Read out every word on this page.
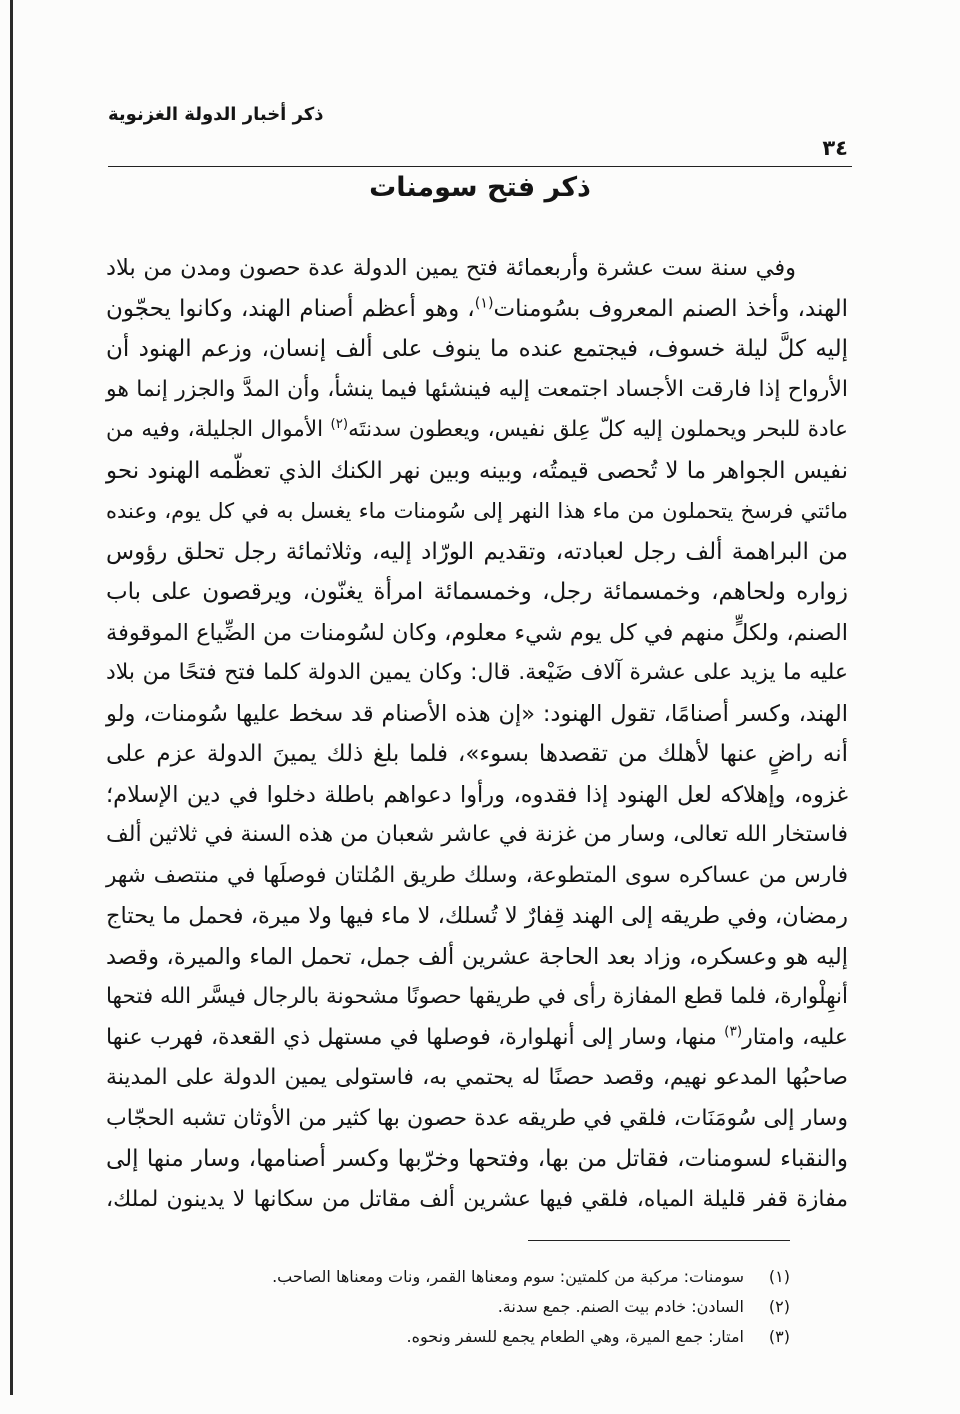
ذكر أخبار الدولة الغزنوية
٣٤
ذكر فتح سومنات
وفي سنة ست عشرة وأربعمائة فتح يمين الدولة عدة حصون ومدن من بلاد
الهند، وأخذ الصنم المعروف بسُومنات$^{(١)}$، وهو أعظم أصنام الهند، وكانوا يحجّون
إليه كلَّ ليلة خسوف، فيجتمع عنده ما ينوف على ألف إنسان، وزعم الهنود أن
الأرواح إذا فارقت الأجساد اجتمعت إليه فينشئها فيما ينشأ، وأن المدَّ والجزر إنما هو
عادة للبحر ويحملون إليه كلّ عِلق نفيس، ويعطون سدنتَه$^{(٢)}$ الأموال الجليلة، وفيه من
نفيس الجواهر ما لا تُحصى قيمتُه، وبينه وبين نهر الكنك الذي تعظّمه الهنود نحو
مائتي فرسخ يتحملون من ماء هذا النهر إلى سُومنات ماء يغسل به في كل يوم، وعنده
من البراهمة ألف رجل لعبادته، وتقديم الورّاد إليه، وثلاثمائة رجل تحلق رؤوس
زواره ولحاهم، وخمسمائة رجل، وخمسمائة امرأة يغنّون، ويرقصون على باب
الصنم، ولكلٍّ منهم في كل يوم شيء معلوم، وكان لسُومنات من الضِّياع الموقوفة
عليه ما يزيد على عشرة آلاف ضَيْعة. قال: وكان يمين الدولة كلما فتح فتحًا من بلاد
الهند، وكسر أصنامًا، تقول الهنود: «إن هذه الأصنام قد سخط عليها سُومنات، ولو
أنه راضٍ عنها لأهلك من تقصدها بسوء»، فلما بلغ ذلك يمينَ الدولة عزم على
غزوه، وإهلاكه لعل الهنود إذا فقدوه، ورأوا دعواهم باطلة دخلوا في دين الإسلام؛
فاستخار الله تعالى، وسار من غزنة في عاشر شعبان من هذه السنة في ثلاثين ألف
فارس من عساكره سوى المتطوعة، وسلك طريق المُلتان فوصلَها في منتصف شهر
رمضان، وفي طريقه إلى الهند قِفارٌ لا تُسلك، لا ماء فيها ولا ميرة، فحمل ما يحتاج
إليه هو وعسكره، وزاد بعد الحاجة عشرين ألف جمل، تحمل الماء والميرة، وقصد
أنهِلْوارة، فلما قطع المفازة رأى في طريقها حصونًا مشحونة بالرجال فيسَّر الله فتحها
عليه، وامتار$^{(٣)}$ منها، وسار إلى أنهلوارة، فوصلها في مستهل ذي القعدة، فهرب عنها
صاحبُها المدعو نهيم، وقصد حصنًا له يحتمي به، فاستولى يمين الدولة على المدينة
وسار إلى سُومَنَات، فلقي في طريقه عدة حصون بها كثير من الأوثان تشبه الحجّاب
والنقباء لسومنات، فقاتل من بها، وفتحها وخرّبها وكسر أصنامها، وسار منها إلى
مفازة قفر قليلة المياه، فلقي فيها عشرين ألف مقاتل من سكانها لا يدينون لملك،
(١)
سومنات: مركبة من كلمتين: سوم ومعناها القمر، ونات ومعناها الصاحب.
(٢)
السادن: خادم بيت الصنم. جمع سدنة.
(٣)
امتار: جمع الميرة، وهي الطعام يجمع للسفر ونحوه.
